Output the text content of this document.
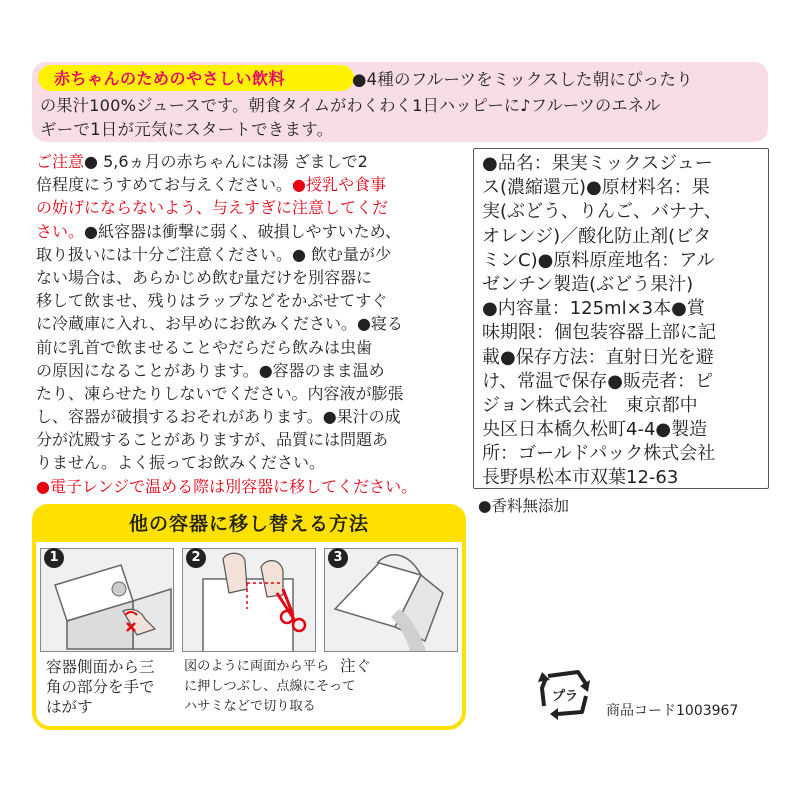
赤ちゃんのためのやさしい飲料	●4種のフルーツをミックスした朝にぴったり
の果汁100%ジュースです。朝食タイムがわくわく1日ハッピーに♪フルーツのエネル
ギーで1日が元気にスタートできます。
ご注意● 5,6ヵ月の赤ちゃんには湯 ざましで2
倍程度にうすめてお与えください。●授乳や食事
の妨げにならないよう、与えすぎに注意してくだ
さい。●紙容器は衝撃に弱く、破損しやすいため、
取り扱いには十分ご注意ください。● 飲む量が少
ない場合は、あらかじめ飲む量だけを別容器に
移して飲ませ、残りはラップなどをかぶせてすぐ
に冷蔵庫に入れ、お早めにお飲みください。●寝る
前に乳首で飲ませることやだらだら飲みは虫歯
の原因になることがあります。●容器のまま温め
たり、凍らせたりしないでください。内容液が膨張
し、容器が破損するおそれがあります。●果汁の成
分が沈殿することがありますが、品質には問題あ
りません。よく振ってお飲みください。
●電子レンジで温める際は別容器に移してください。
●品名：果実ミックスジュー
ス(濃縮還元)●原材料名：果
実(ぶどう、りんご、バナナ、
オレンジ)／酸化防止剤(ビタ
ミンC)●原料原産地名：アル
ゼンチン製造(ぶどう果汁)
●内容量：125ml×3本●賞
味期限：個包装容器上部に記
載●保存方法：直射日光を避
け、常温で保存●販売者：ピ
ジョン株式会社　東京都中
央区日本橋久松町4-4●製造
所：ゴールドパック株式会社
長野県松本市双葉12-63
●香料無添加
他の容器に移し替える方法
1	2	3
容器側面から三
角の部分を手で
はがす
図のように両面から平ら
に押しつぶし、点線にそって
ハサミなどで切り取る
注ぐ
プラ
商品コード1003967
